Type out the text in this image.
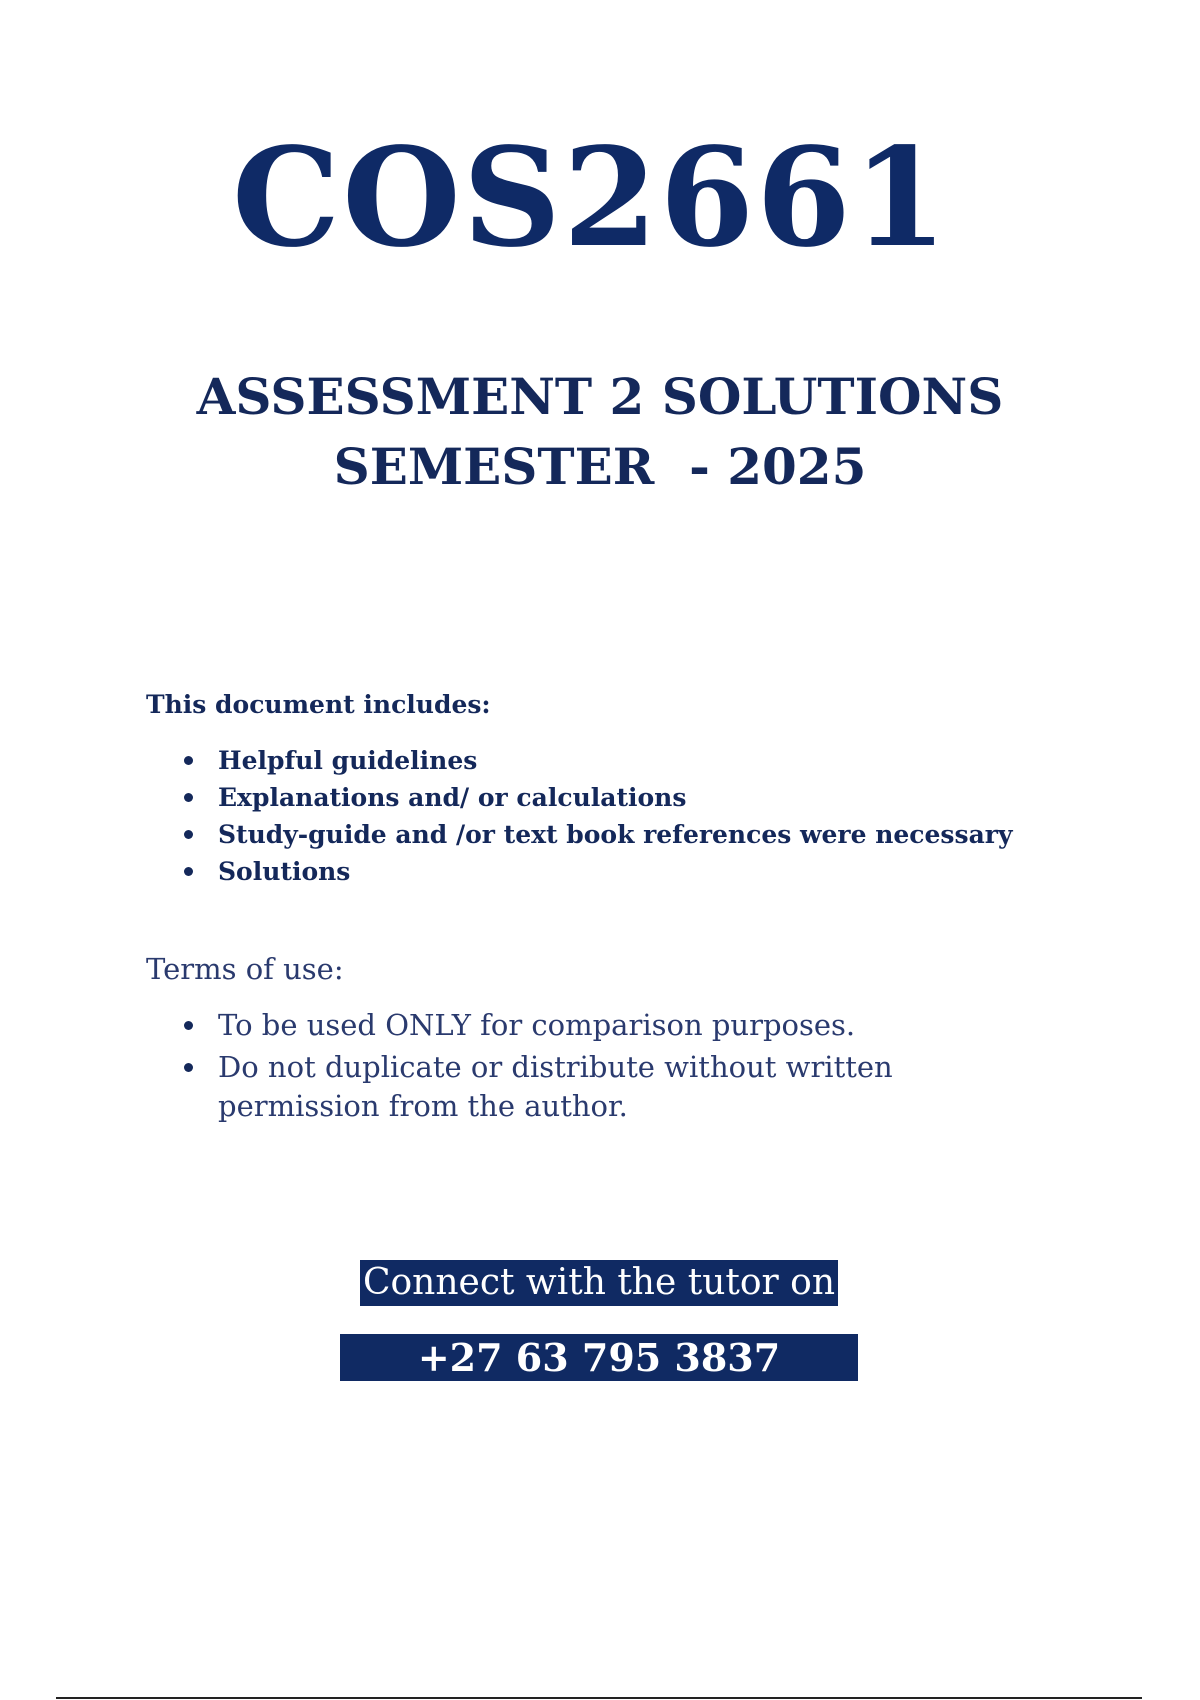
COS2661
ASSESSMENT 2 SOLUTIONS
SEMESTER  - 2025
This document includes:
Helpful guidelines
Explanations and/ or calculations
Study-guide and /or text book references were necessary
Solutions
Terms of use:
To be used ONLY for comparison purposes.
Do not duplicate or distribute without written permission from the author.
Connect with the tutor on
+27 63 795 3837
